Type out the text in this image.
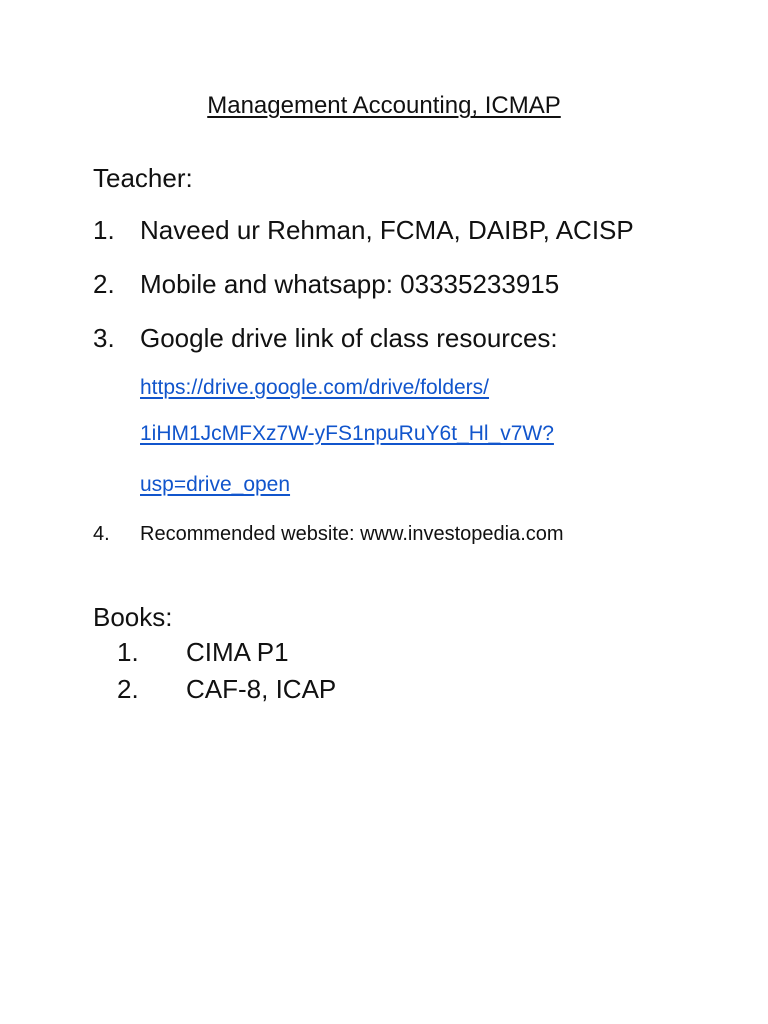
Management Accounting, ICMAP
Teacher:
1. Naveed ur Rehman, FCMA, DAIBP, ACISP
2. Mobile and whatsapp: 03335233915
3. Google drive link of class resources:
https://drive.google.com/drive/folders/
1iHM1JcMFXz7W-yFS1npuRuY6t_Hl_v7W?
usp=drive_open
4. Recommended website: www.investopedia.com
Books:
1. CIMA P1
2. CAF-8, ICAP
